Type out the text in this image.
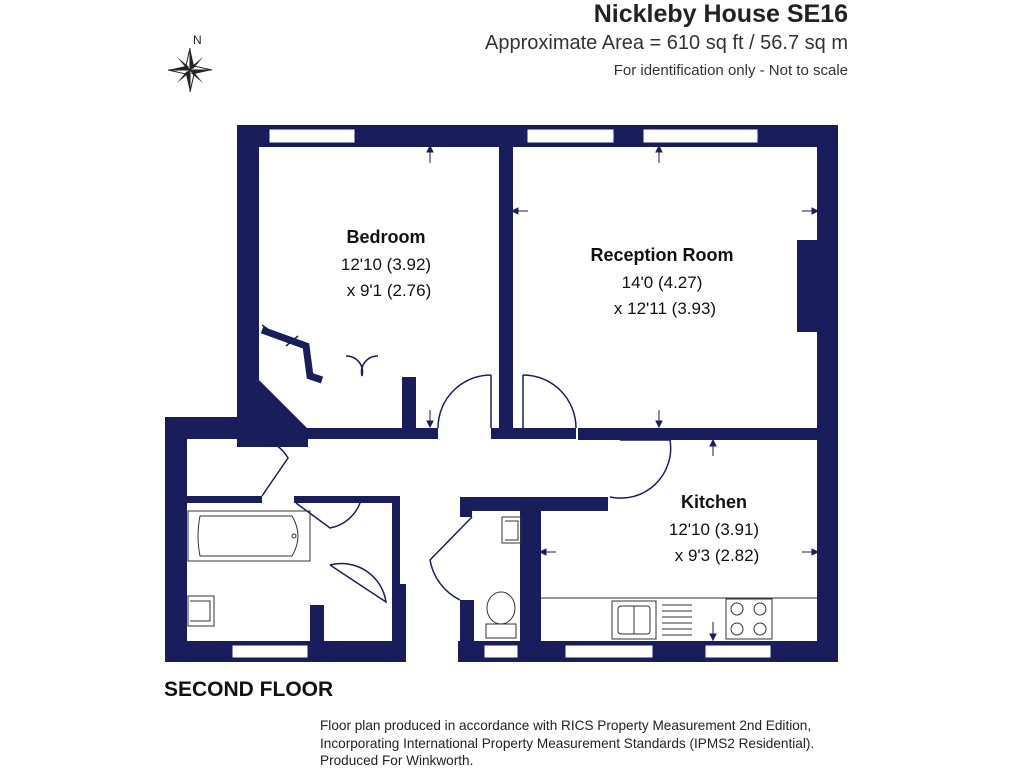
Nickleby House SE16
Approximate Area = 610 sq ft / 56.7 sq m
For identification only - Not to scale
N
Bedroom
12'10 (3.92)
x 9'1 (2.76)
Reception Room
14'0 (4.27)
x 12'11 (3.93)
Kitchen
12'10 (3.91)
x 9'3 (2.82)
SECOND FLOOR
Floor plan produced in accordance with RICS Property Measurement 2nd Edition,
Incorporating International Property Measurement Standards (IPMS2 Residential).
Produced For Winkworth.
